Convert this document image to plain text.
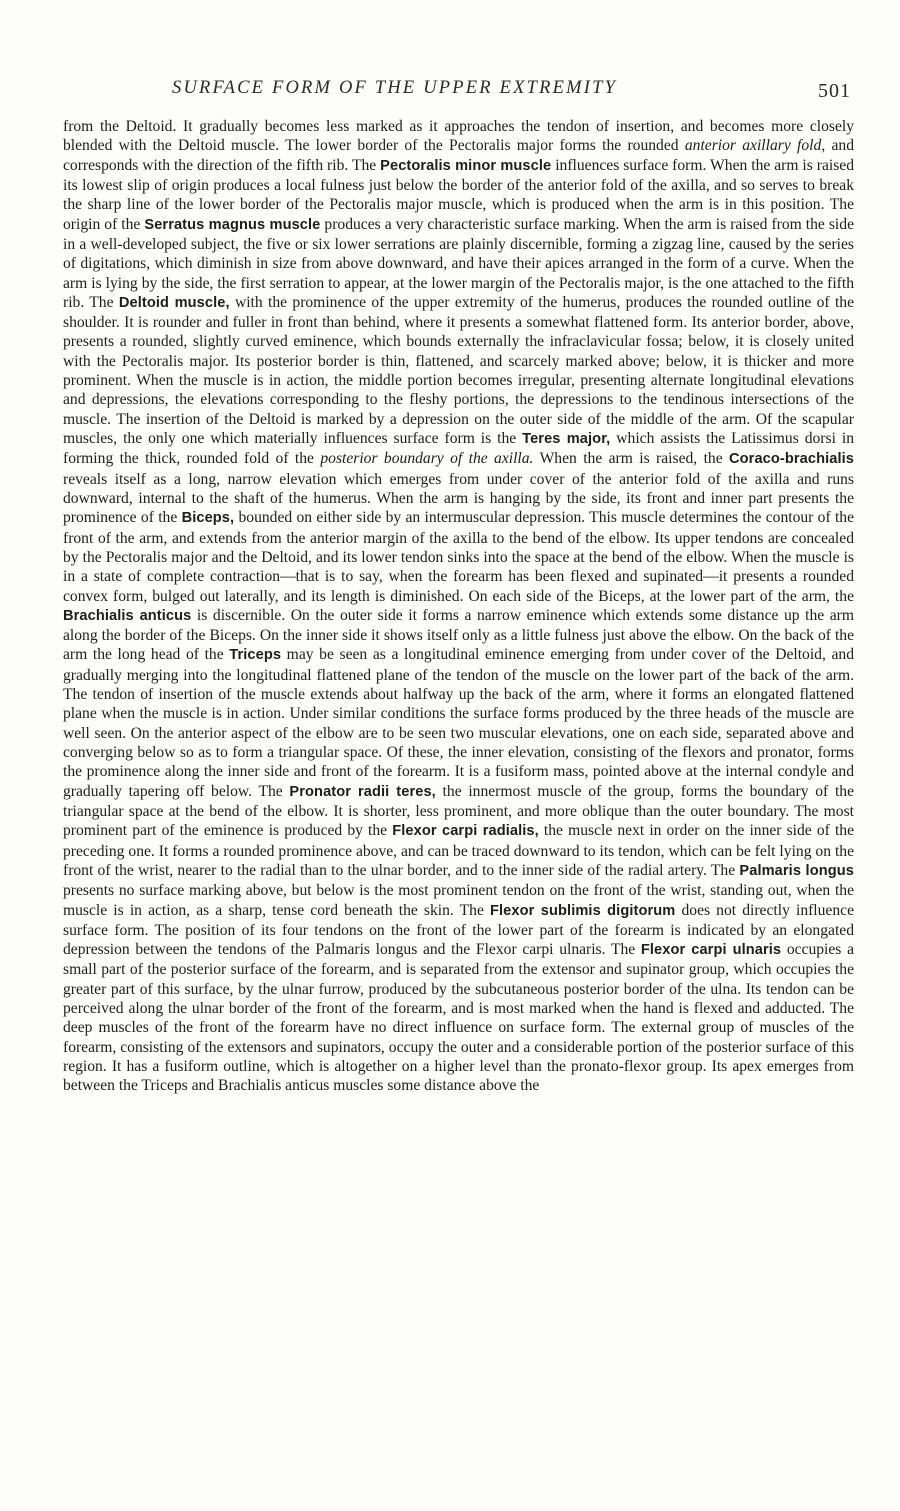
SURFACE FORM OF THE UPPER EXTREMITY	501

from the Deltoid. It gradually becomes less marked as it approaches the tendon of insertion, and becomes more closely blended with the Deltoid muscle. The lower border of the Pectoralis major forms the rounded anterior axillary fold, and corresponds with the direction of the fifth rib. The Pectoralis minor muscle influences surface form. When the arm is raised its lowest slip of origin produces a local fulness just below the border of the anterior fold of the axilla, and so serves to break the sharp line of the lower border of the Pectoralis major muscle, which is produced when the arm is in this position. The origin of the Serratus magnus muscle produces a very characteristic surface marking. When the arm is raised from the side in a well-developed subject, the five or six lower serrations are plainly discernible, forming a zigzag line, caused by the series of digitations, which diminish in size from above downward, and have their apices arranged in the form of a curve. When the arm is lying by the side, the first serration to appear, at the lower margin of the Pectoralis major, is the one attached to the fifth rib. The Deltoid muscle, with the prominence of the upper extremity of the humerus, produces the rounded outline of the shoulder. It is rounder and fuller in front than behind, where it presents a somewhat flattened form. Its anterior border, above, presents a rounded, slightly curved eminence, which bounds externally the infraclavicular fossa; below, it is closely united with the Pectoralis major. Its posterior border is thin, flattened, and scarcely marked above; below, it is thicker and more prominent. When the muscle is in action, the middle portion becomes irregular, presenting alternate longitudinal elevations and depressions, the elevations corresponding to the fleshy portions, the depressions to the tendinous intersections of the muscle. The insertion of the Deltoid is marked by a depression on the outer side of the middle of the arm. Of the scapular muscles, the only one which materially influences surface form is the Teres major, which assists the Latissimus dorsi in forming the thick, rounded fold of the posterior boundary of the axilla. When the arm is raised, the Coraco-brachialis reveals itself as a long, narrow elevation which emerges from under cover of the anterior fold of the axilla and runs downward, internal to the shaft of the humerus. When the arm is hanging by the side, its front and inner part presents the prominence of the Biceps, bounded on either side by an intermuscular depression. This muscle determines the contour of the front of the arm, and extends from the anterior margin of the axilla to the bend of the elbow. Its upper tendons are concealed by the Pectoralis major and the Deltoid, and its lower tendon sinks into the space at the bend of the elbow. When the muscle is in a state of complete contraction—that is to say, when the forearm has been flexed and supinated—it presents a rounded convex form, bulged out laterally, and its length is diminished. On each side of the Biceps, at the lower part of the arm, the Brachialis anticus is discernible. On the outer side it forms a narrow eminence which extends some distance up the arm along the border of the Biceps. On the inner side it shows itself only as a little fulness just above the elbow. On the back of the arm the long head of the Triceps may be seen as a longitudinal eminence emerging from under cover of the Deltoid, and gradually merging into the longitudinal flattened plane of the tendon of the muscle on the lower part of the back of the arm. The tendon of insertion of the muscle extends about halfway up the back of the arm, where it forms an elongated flattened plane when the muscle is in action. Under similar conditions the surface forms produced by the three heads of the muscle are well seen. On the anterior aspect of the elbow are to be seen two muscular elevations, one on each side, separated above and converging below so as to form a triangular space. Of these, the inner elevation, consisting of the flexors and pronator, forms the prominence along the inner side and front of the forearm. It is a fusiform mass, pointed above at the internal condyle and gradually tapering off below. The Pronator radii teres, the innermost muscle of the group, forms the boundary of the triangular space at the bend of the elbow. It is shorter, less prominent, and more oblique than the outer boundary. The most prominent part of the eminence is produced by the Flexor carpi radialis, the muscle next in order on the inner side of the preceding one. It forms a rounded prominence above, and can be traced downward to its tendon, which can be felt lying on the front of the wrist, nearer to the radial than to the ulnar border, and to the inner side of the radial artery. The Palmaris longus presents no surface marking above, but below is the most prominent tendon on the front of the wrist, standing out, when the muscle is in action, as a sharp, tense cord beneath the skin. The Flexor sublimis digitorum does not directly influence surface form. The position of its four tendons on the front of the lower part of the forearm is indicated by an elongated depression between the tendons of the Palmaris longus and the Flexor carpi ulnaris. The Flexor carpi ulnaris occupies a small part of the posterior surface of the forearm, and is separated from the extensor and supinator group, which occupies the greater part of this surface, by the ulnar furrow, produced by the subcutaneous posterior border of the ulna. Its tendon can be perceived along the ulnar border of the front of the forearm, and is most marked when the hand is flexed and adducted. The deep muscles of the front of the forearm have no direct influence on surface form. The external group of muscles of the forearm, consisting of the extensors and supinators, occupy the outer and a considerable portion of the posterior surface of this region. It has a fusiform outline, which is altogether on a higher level than the pronato-flexor group. Its apex emerges from between the Triceps and Brachialis anticus muscles some distance above the
